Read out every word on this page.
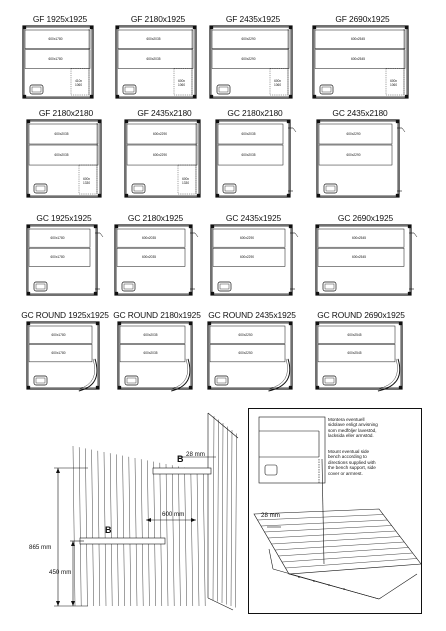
410x
1060
600x1780
600x1780
GF 1925x1925
600x
1060
600x2035
600x2035
GF 2180x1925
600x
1060
600x2290
600x2290
GF 2435x1925
600x
1060
600x2545
600x2545
GF 2690x1925
600x
1330
600x2035
600x2035
GF 2180x2180
600x
1330
600x2290
600x2290
GF 2435x2180
600x2035
600x2035
GC 2180x2180
600x2290
600x2290
GC 2435x2180
600x1780
600x1780
GC 1925x1925
600x2035
600x2035
GC 2180x1925
600x2290
600x2290
GC 2435x1925
600x2545
600x2545
GC 2690x1925
600x1780
600x1780
GC ROUND 1925x1925
600x2035
600x2035
GC ROUND 2180x1925
600x2250
600x2250
GC ROUND 2435x1925
600x2545
600x2545
GC ROUND 2690x1925
28 mm
600 mm
865 mm
450 mm
B
B
Montera eventuell
sidolave enligt anvisning
som medföljer lavestöd,
lacksida eller armstöd.
Mount eventual side
bench according to
directions supplied with
the bench support, side
cover or armrest.
28 mm
